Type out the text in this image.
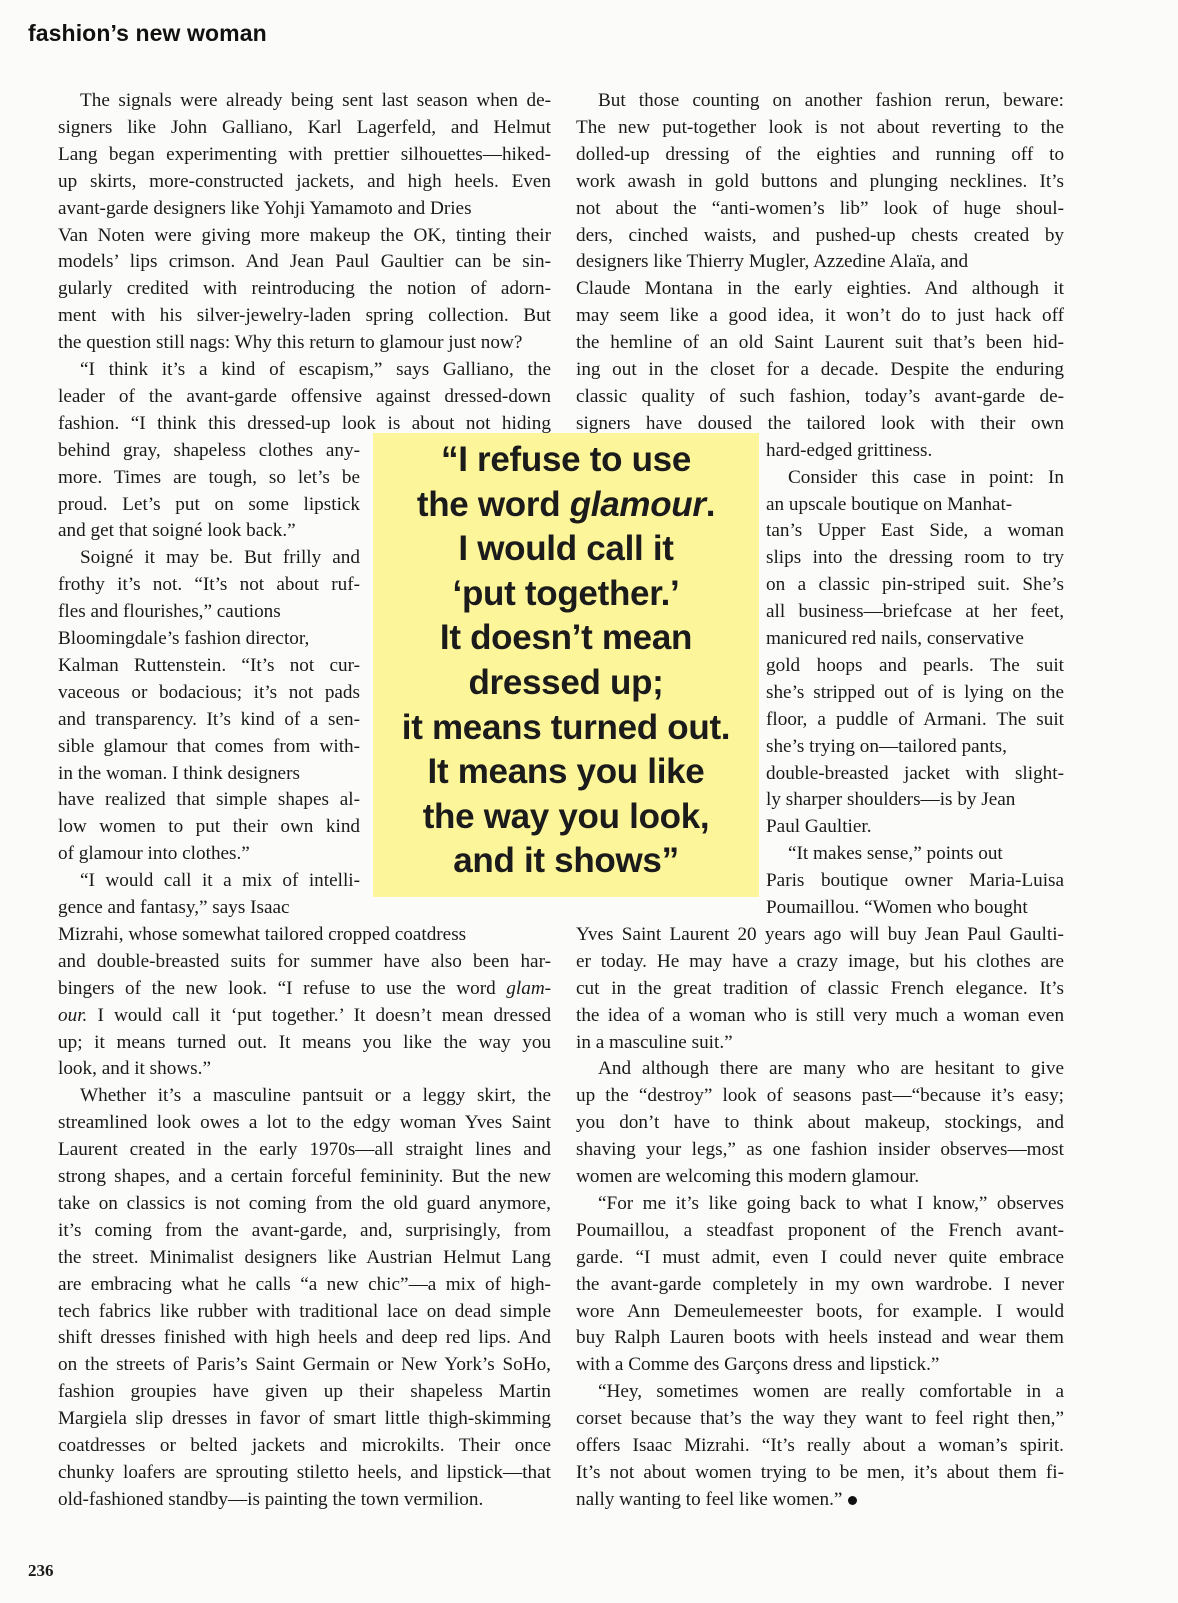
fashion’s new woman
“I refuse to use
the word glamour.
I would call it
‘put together.’
It doesn’t mean
dressed up;
it means turned out.
It means you like
the way you look,
and it shows”
The signals were already being sent last season when de-
signers like John Galliano, Karl Lagerfeld, and Helmut
Lang began experimenting with prettier silhouettes—hiked-
up skirts, more-constructed jackets, and high heels. Even
avant-garde designers like Yohji Yamamoto and Dries
Van Noten were giving more makeup the OK, tinting their
models’ lips crimson. And Jean Paul Gaultier can be sin-
gularly credited with reintroducing the notion of adorn-
ment with his silver-jewelry-laden spring collection. But
the question still nags: Why this return to glamour just now?
“I think it’s a kind of escapism,” says Galliano, the
leader of the avant-garde offensive against dressed-down
fashion. “I think this dressed-up look is about not hiding
behind gray, shapeless clothes any-
more. Times are tough, so let’s be
proud. Let’s put on some lipstick
and get that soigné look back.”
Soigné it may be. But frilly and
frothy it’s not. “It’s not about ruf-
fles and flourishes,” cautions
Bloomingdale’s fashion director,
Kalman Ruttenstein. “It’s not cur-
vaceous or bodacious; it’s not pads
and transparency. It’s kind of a sen-
sible glamour that comes from with-
in the woman. I think designers
have realized that simple shapes al-
low women to put their own kind
of glamour into clothes.”
“I would call it a mix of intelli-
gence and fantasy,” says Isaac
Mizrahi, whose somewhat tailored cropped coatdress
and double-breasted suits for summer have also been har-
bingers of the new look. “I refuse to use the word glam-
our. I would call it ‘put together.’ It doesn’t mean dressed
up; it means turned out. It means you like the way you
look, and it shows.”
Whether it’s a masculine pantsuit or a leggy skirt, the
streamlined look owes a lot to the edgy woman Yves Saint
Laurent created in the early 1970s—all straight lines and
strong shapes, and a certain forceful femininity. But the new
take on classics is not coming from the old guard anymore,
it’s coming from the avant-garde, and, surprisingly, from
the street. Minimalist designers like Austrian Helmut Lang
are embracing what he calls “a new chic”—a mix of high-
tech fabrics like rubber with traditional lace on dead simple
shift dresses finished with high heels and deep red lips. And
on the streets of Paris’s Saint Germain or New York’s SoHo,
fashion groupies have given up their shapeless Martin
Margiela slip dresses in favor of smart little thigh-skimming
coatdresses or belted jackets and microkilts. Their once
chunky loafers are sprouting stiletto heels, and lipstick—that
old-fashioned standby—is painting the town vermilion.
But those counting on another fashion rerun, beware:
The new put-together look is not about reverting to the
dolled-up dressing of the eighties and running off to
work awash in gold buttons and plunging necklines. It’s
not about the “anti-women’s lib” look of huge shoul-
ders, cinched waists, and pushed-up chests created by
designers like Thierry Mugler, Azzedine Alaïa, and
Claude Montana in the early eighties. And although it
may seem like a good idea, it won’t do to just hack off
the hemline of an old Saint Laurent suit that’s been hid-
ing out in the closet for a decade. Despite the enduring
classic quality of such fashion, today’s avant-garde de-
signers have doused the tailored look with their own
hard-edged grittiness.
Consider this case in point: In
an upscale boutique on Manhat-
tan’s Upper East Side, a woman
slips into the dressing room to try
on a classic pin-striped suit. She’s
all business—briefcase at her feet,
manicured red nails, conservative
gold hoops and pearls. The suit
she’s stripped out of is lying on the
floor, a puddle of Armani. The suit
she’s trying on—tailored pants,
double-breasted jacket with slight-
ly sharper shoulders—is by Jean
Paul Gaultier.
“It makes sense,” points out
Paris boutique owner Maria-Luisa
Poumaillou. “Women who bought
Yves Saint Laurent 20 years ago will buy Jean Paul Gaulti-
er today. He may have a crazy image, but his clothes are
cut in the great tradition of classic French elegance. It’s
the idea of a woman who is still very much a woman even
in a masculine suit.”
And although there are many who are hesitant to give
up the “destroy” look of seasons past—“because it’s easy;
you don’t have to think about makeup, stockings, and
shaving your legs,” as one fashion insider observes—most
women are welcoming this modern glamour.
“For me it’s like going back to what I know,” observes
Poumaillou, a steadfast proponent of the French avant-
garde. “I must admit, even I could never quite embrace
the avant-garde completely in my own wardrobe. I never
wore Ann Demeulemeester boots, for example. I would
buy Ralph Lauren boots with heels instead and wear them
with a Comme des Garçons dress and lipstick.”
“Hey, sometimes women are really comfortable in a
corset because that’s the way they want to feel right then,”
offers Isaac Mizrahi. “It’s really about a woman’s spirit.
It’s not about women trying to be men, it’s about them fi-
nally wanting to feel like women.”
236
